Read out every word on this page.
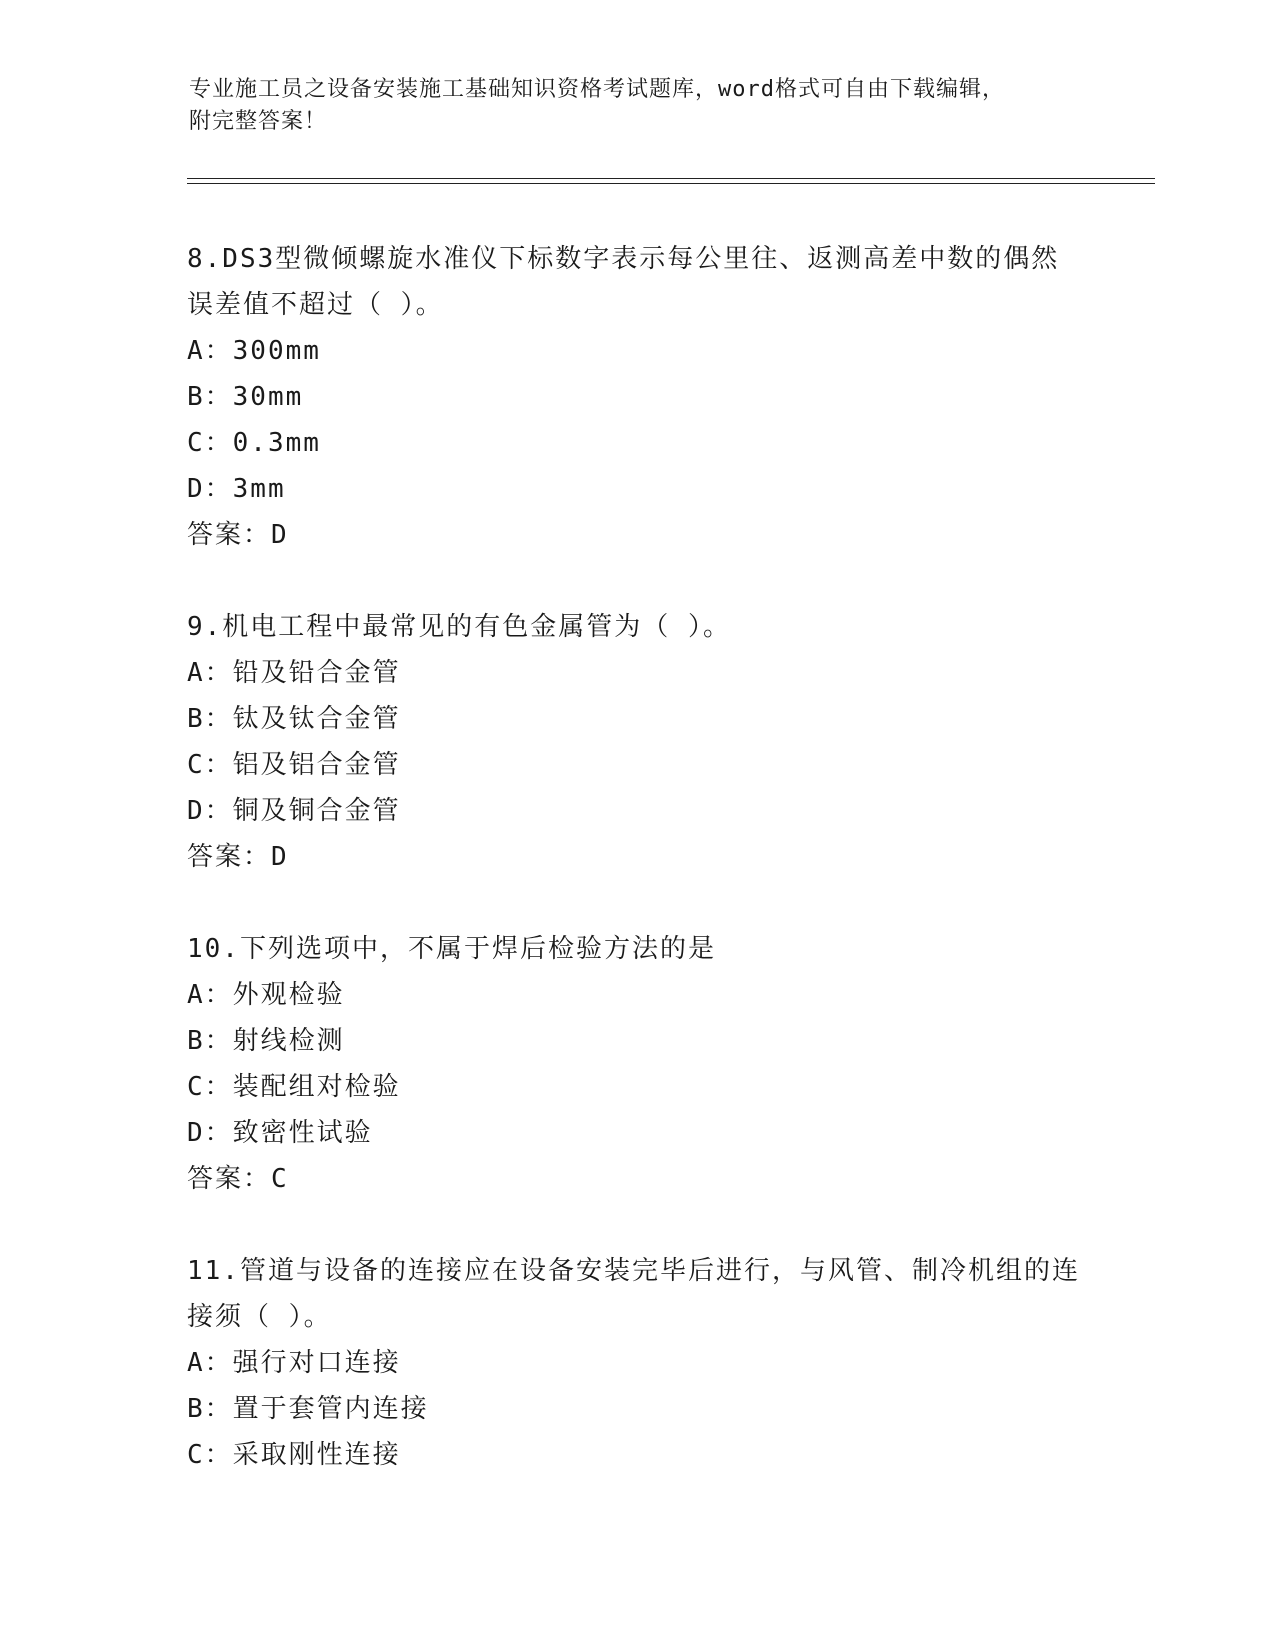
专业施工员之设备安装施工基础知识资格考试题库，word格式可自由下载编辑，
附完整答案！
8.DS3型微倾螺旋水准仪下标数字表示每公里往、返测高差中数的偶然误差值不超过（ ）。
A：300mm
B：30mm
C：0.3mm
D：3mm
答案：D
9.机电工程中最常见的有色金属管为（ ）。
A：铅及铅合金管
B：钛及钛合金管
C：铝及铝合金管
D：铜及铜合金管
答案：D
10.下列选项中，不属于焊后检验方法的是
A：外观检验
B：射线检测
C：装配组对检验
D：致密性试验
答案：C
11.管道与设备的连接应在设备安装完毕后进行，与风管、制冷机组的连接须（ ）。
A：强行对口连接
B：置于套管内连接
C：采取刚性连接
